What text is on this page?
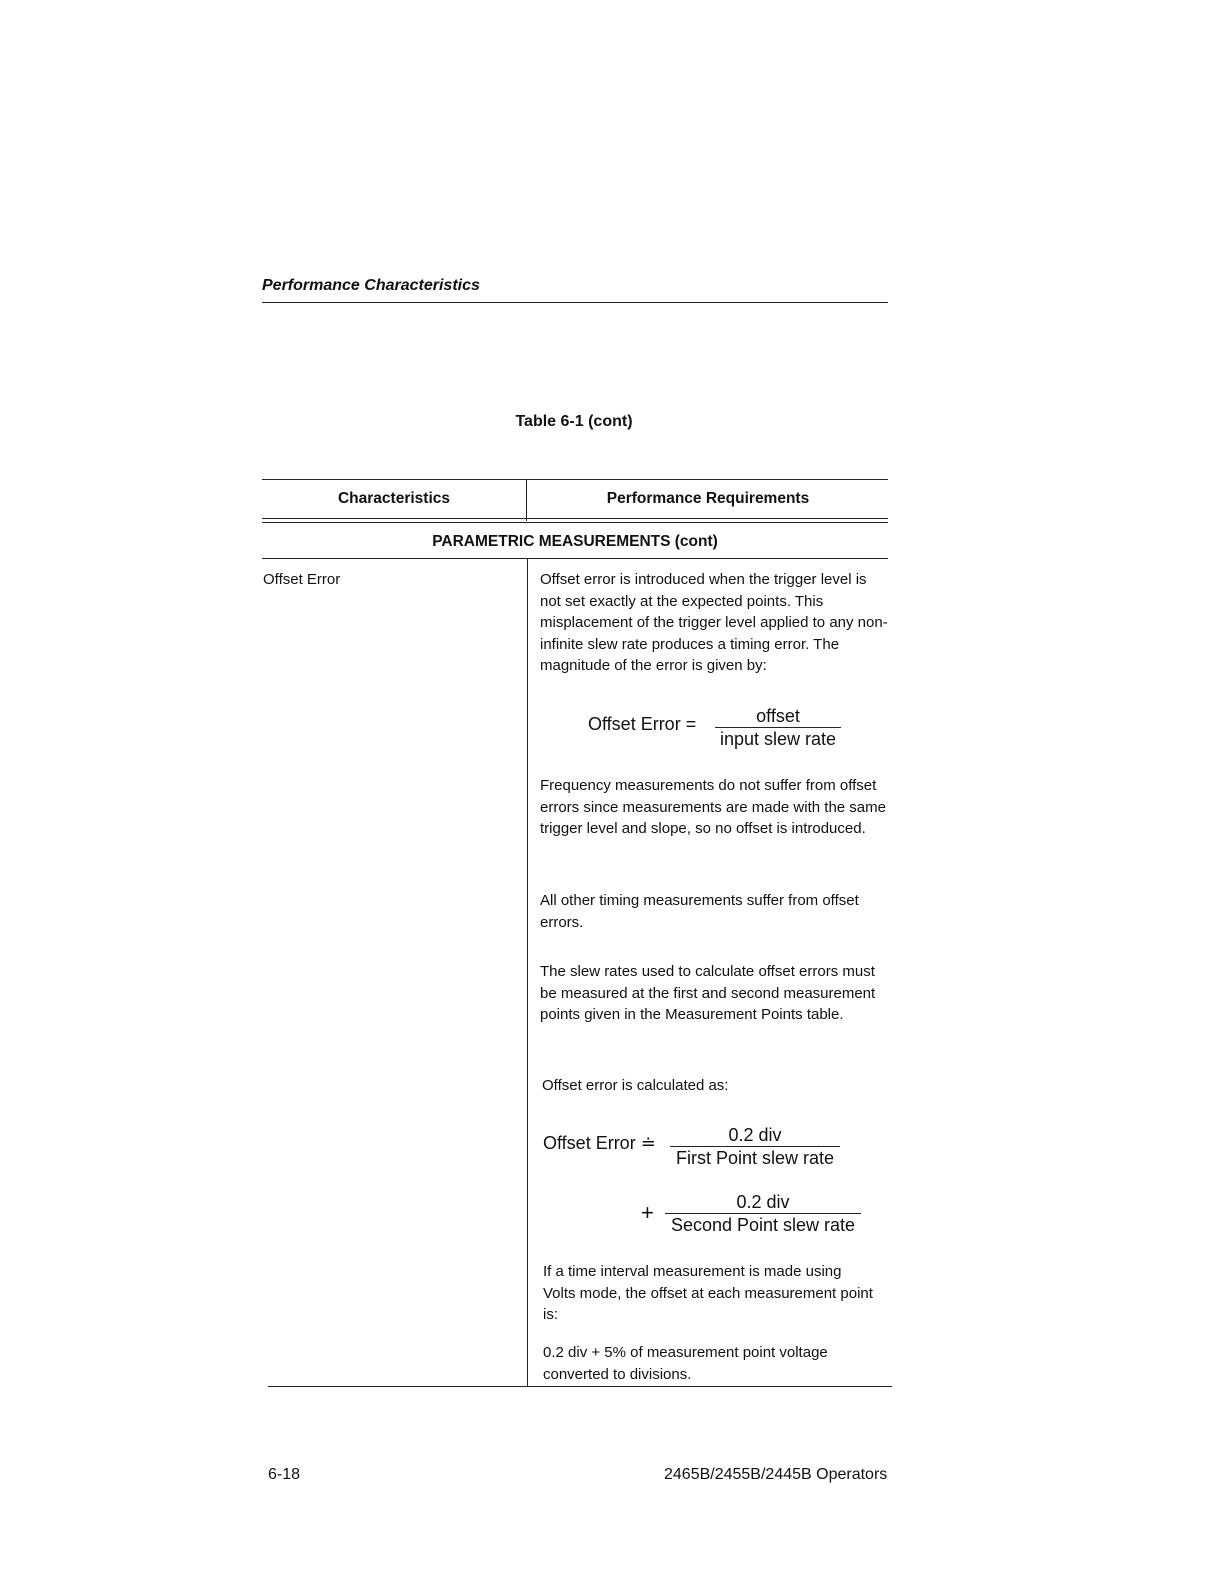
Performance Characteristics
Table 6-1 (cont)
Characteristics	Performance Requirements
PARAMETRIC MEASUREMENTS (cont)
Offset Error	Offset error is introduced when the trigger level is not set exactly at the expected points. This misplacement of the trigger level applied to any non-infinite slew rate produces a timing error. The magnitude of the error is given by:
Offset Error =	offset
input slew rate
Frequency measurements do not suffer from offset errors since measurements are made with the same trigger level and slope, so no offset is introduced.
All other timing measurements suffer from offset errors.
The slew rates used to calculate offset errors must be measured at the first and second measurement points given in the Measurement Points table.
Offset error is calculated as:
Offset Error ≐	0.2 div
First Point slew rate
+	0.2 div
Second Point slew rate
If a time interval measurement is made using Volts mode, the offset at each measurement point is:
0.2 div + 5% of measurement point voltage converted to divisions.
6-18	2465B/2455B/2445B Operators
